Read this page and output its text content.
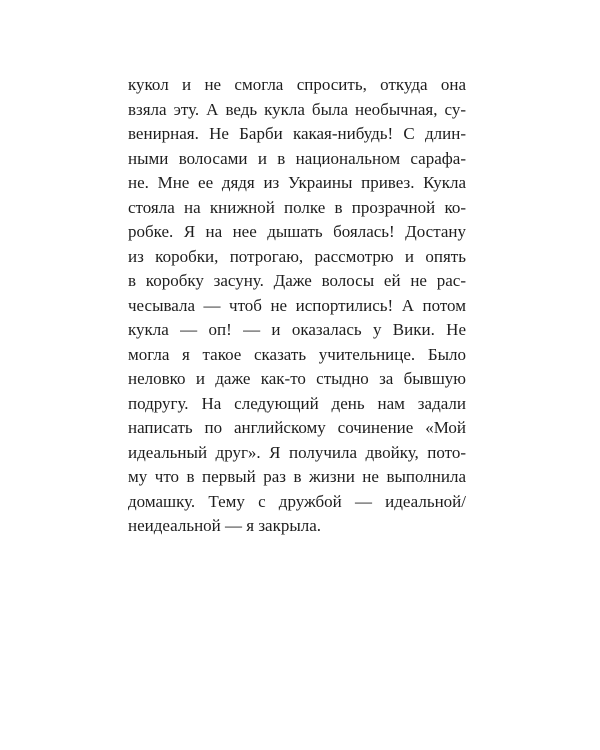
кукол и не смогла спросить, откуда она
взяла эту. А ведь кукла была необычная, су-
венирная. Не Барби какая-нибудь! С длин-
ными волосами и в национальном сарафа-
не. Мне ее дядя из Украины привез. Кукла
стояла на книжной полке в прозрачной ко-
робке. Я на нее дышать боялась! Достану
из коробки, потрогаю, рассмотрю и опять
в коробку засуну. Даже волосы ей не рас-
чесывала — чтоб не испортились! А потом
кукла — оп! — и оказалась у Вики. Не
могла я такое сказать учительнице. Было
неловко и даже как-то стыдно за бывшую
подругу. На следующий день нам задали
написать по английскому сочинение «Мой
идеальный друг». Я получила двойку, пото-
му что в первый раз в жизни не выполнила
домашку. Тему с дружбой — идеальной/
неидеальной — я закрыла.
